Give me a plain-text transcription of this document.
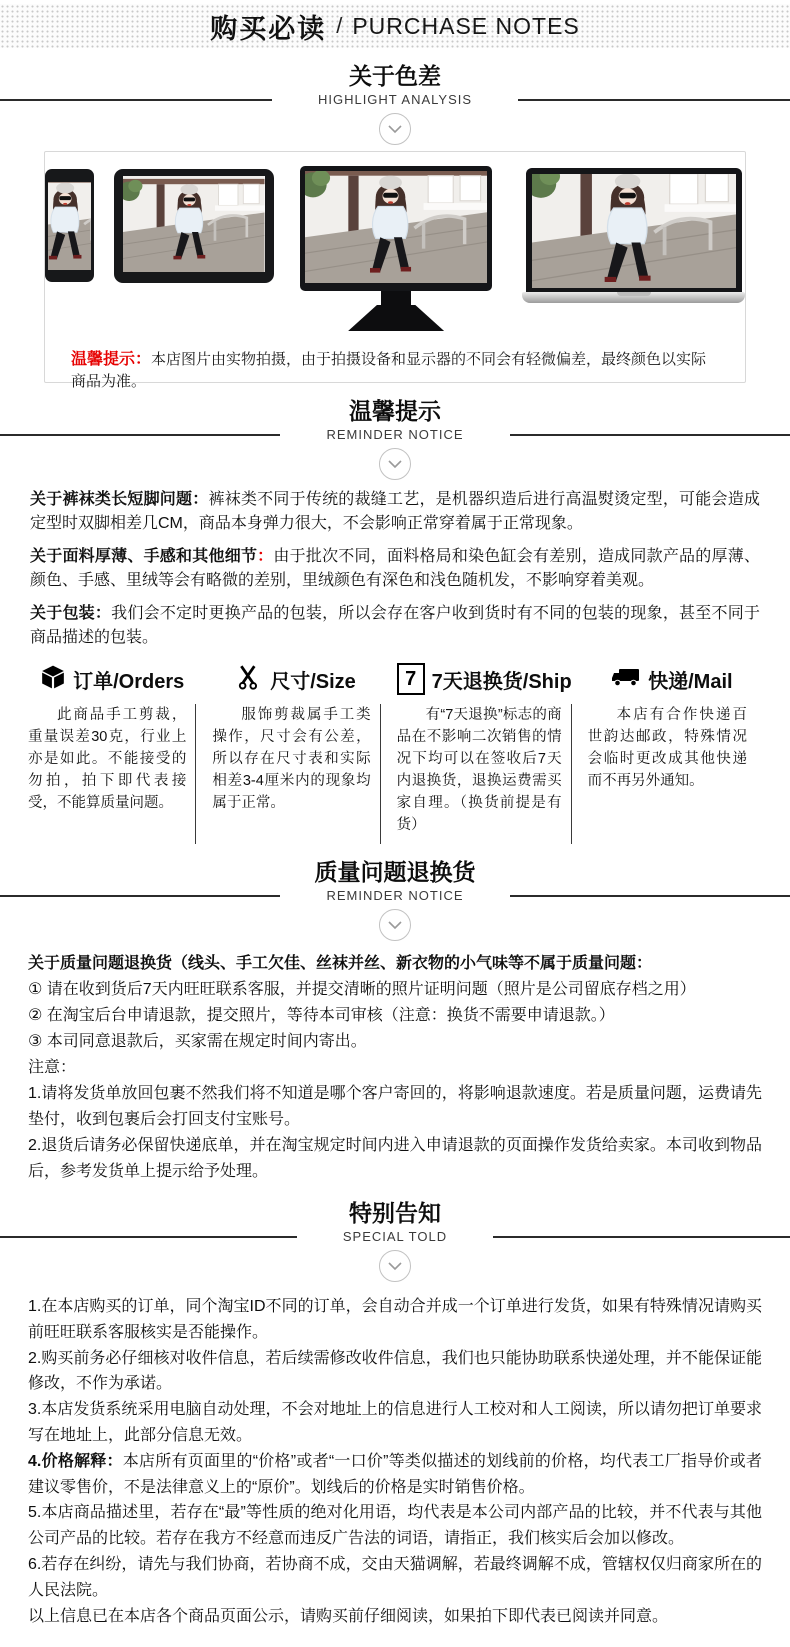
购买必读 / PURCHASE NOTES
关于色差
HIGHLIGHT ANALYSIS
温馨提示：本店图片由实物拍摄，由于拍摄设备和显示器的不同会有轻微偏差，最终颜色以实际商品为准。
温馨提示
REMINDER NOTICE

关于裤袜类长短脚问题：裤袜类不同于传统的裁缝工艺，是机器织造后进行高温熨烫定型，可能会造成定型时双脚相差几CM，商品本身弹力很大，不会影响正常穿着属于正常现象。

关于面料厚薄、手感和其他细节：由于批次不同，面料格局和染色缸会有差别，造成同款产品的厚薄、颜色、手感、里绒等会有略微的差别，里绒颜色有深色和浅色随机发，不影响穿着美观。

关于包装：我们会不定时更换产品的包装，所以会存在客户收到货时有不同的包装的现象，甚至不同于商品描述的包装。

订单/Orders
此商品手工剪裁，重量误差30克，行业上亦是如此。不能接受的勿拍，拍下即代表接受，不能算质量问题。
尺寸/Size
服饰剪裁属手工类操作，尺寸会有公差，所以存在尺寸表和实际相差3-4厘米内的现象均属于正常。
7 7天退换货/Ship
有“7天退换”标志的商品在不影响二次销售的情况下均可以在签收后7天内退换货，退换运费需买家自理。（换货前提是有货）
快递/Mail
本店有合作快递百世韵达邮政，特殊情况会临时更改成其他快递而不再另外通知。
质量问题退换货
REMINDER NOTICE
关于质量问题退换货（线头、手工欠佳、丝袜并丝、新衣物的小气味等不属于质量问题：
① 请在收到货后7天内旺旺联系客服，并提交清晰的照片证明问题（照片是公司留底存档之用）
② 在淘宝后台申请退款，提交照片，等待本司审核（注意：换货不需要申请退款。）
③ 本司同意退款后，买家需在规定时间内寄出。
注意：
1.请将发货单放回包裹不然我们将不知道是哪个客户寄回的，将影响退款速度。若是质量问题，运费请先垫付，收到包裹后会打回支付宝账号。
2.退货后请务必保留快递底单，并在淘宝规定时间内进入申请退款的页面操作发货给卖家。本司收到物品后，参考发货单上提示给予处理。
特别告知
SPECIAL TOLD
1.在本店购买的订单，同个淘宝ID不同的订单，会自动合并成一个订单进行发货，如果有特殊情况请购买前旺旺联系客服核实是否能操作。
2.购买前务必仔细核对收件信息，若后续需修改收件信息，我们也只能协助联系快递处理，并不能保证能修改，不作为承诺。
3.本店发货系统采用电脑自动处理，不会对地址上的信息进行人工校对和人工阅读，所以请勿把订单要求写在地址上，此部分信息无效。
4.价格解释：本店所有页面里的“价格”或者“一口价”等类似描述的划线前的价格，均代表工厂指导价或者建议零售价，不是法律意义上的“原价”。划线后的价格是实时销售价格。
5.本店商品描述里，若存在“最”等性质的绝对化用语，均代表是本公司内部产品的比较，并不代表与其他公司产品的比较。若存在我方不经意而违反广告法的词语，请指正，我们核实后会加以修改。
6.若存在纠纷，请先与我们协商，若协商不成，交由天猫调解，若最终调解不成，管辖权仅归商家所在的人民法院。
以上信息已在本店各个商品页面公示，请购买前仔细阅读，如果拍下即代表已阅读并同意。
